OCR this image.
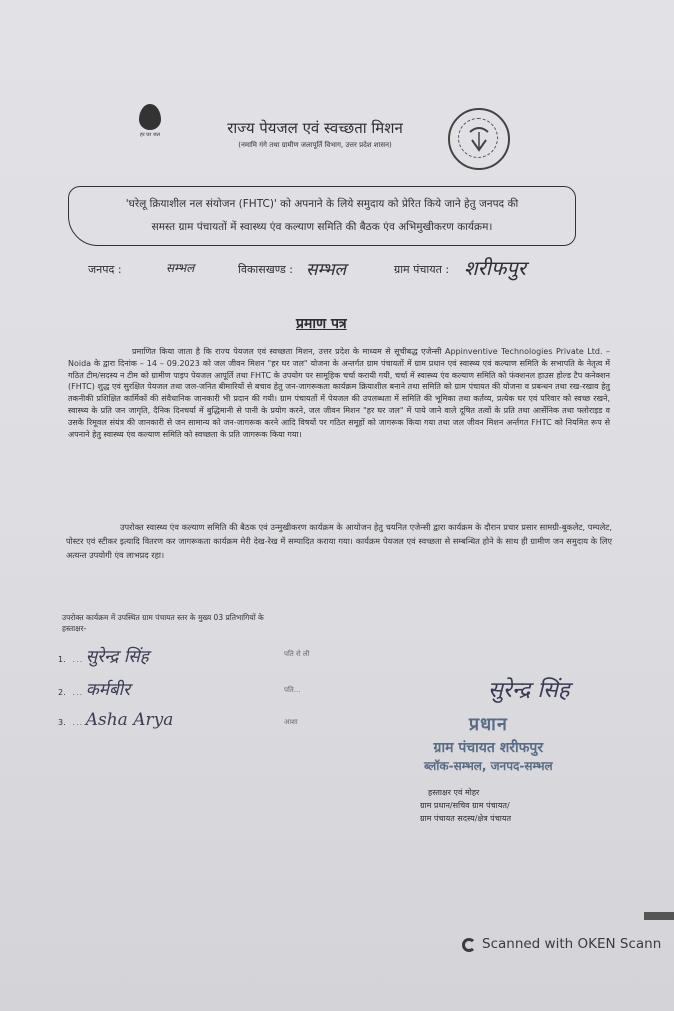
हर घर जल	राज्य पेयजल एवं स्वच्छता मिशन
(नमामि गंगे तथा ग्रामीण जलापूर्ति विभाग, उत्तर प्रदेश शासन)
'घरेलू क्रियाशील नल संयोजन (FHTC)' को अपनाने के लिये समुदाय को प्रेरित किये जाने हेतु जनपद की
समस्त ग्राम पंचायतों में स्वास्थ्य एंव कल्याण समिति की बैठक एंव अभिमुखीकरण कार्यक्रम।
जनपद :	सम्भल	विकासखण्ड : सम्भल	ग्राम पंचायत : शरीफपुर
प्रमाण पत्र
प्रमाणित किया जाता है कि राज्य पेयजल एवं स्वच्छता मिशन, उत्तर प्रदेश के माध्यम से सूचीबद्ध एजेन्सी Appinventive Technologies Private Ltd. – Noida के द्वारा दिनांक – 14 – 09.2023 को जल जीवन मिशन "हर घर जल" योजना के अन्तर्गत ग्राम पंचायतों में ग्राम प्रधान एवं स्वास्थ्य एवं कल्याण समिति के सभापति के नेतृत्व में गठित टीम/सदस्य न टीम को ग्रामीण पाइप पेयजल आपूर्ति तथा FHTC के उपयोग पर सामूहिक चर्चा करायी गयी, चर्चा में स्वास्थ्य एंव कल्याण समिति को फंक्शनल हाउस होल्ड टैप कनेक्शन (FHTC) शुद्ध एवं सुरक्षित पेयजल तथा जल-जनित बीमारियों से बचाव हेतु जन-जागरूकता कार्यक्रम क्रियाशील बनाने तथा समिति को ग्राम पंचायत की योजना व प्रबन्धन तथा रख-रखाव हेतु तकनीकी प्रशिक्षित कार्मिकों की संवैधानिक जानकारी भी प्रदान की गयी। ग्राम पंचायतों में पेयजल की उपलब्धता में समिति की भूमिका तथा कर्तव्य, प्रत्येक घर एवं परिवार को स्वच्छ रखने, स्वास्थ्य के प्रति जन जागृति, दैनिक दिनचर्या में बुद्धिमानी से पानी के प्रयोग करने, जल जीवन मिशन "हर घर जल" में पाये जाने वाले दूषित तत्वों के प्रति तथा आर्सेनिक तथा फ्लोराइड व उसके रिमूवल संयंत्र की जानकारी से जन सामान्य को जन-जागरूक करने आदि विषयों पर गठित समूहों को जागरूक किया गया तथा जल जीवन मिशन अर्न्तगत FHTC को नियमित रूप से अपनाने हेतु स्वास्थ्य एंव कल्याण समिति को स्वच्छता के प्रति जागरूक किया गया।
उपरोक्त स्वास्थ्य एंव कल्याण समिति की बैठक एवं उन्मुखीकरण कार्यक्रम के आयोजन हेतु चयनित एजेन्सी द्वारा कार्यक्रम के दौरान प्रचार प्रसार सामग्री-बुकलेट, पम्पलेट, पोस्टर एवं स्टीकर इत्यादि वितरण कर जागरूकता कार्यक्रम मेरी देख-रेख में सम्पादित कराया गया। कार्यक्रम पेयजल एवं स्वच्छता से सम्बन्धित होने के साथ ही ग्रामीण जन समुदाय के लिए अत्यन्त उपयोगी एंव लाभप्रद रहा।
उपरोक्त कार्यक्रम में उपस्थित ग्राम पंचायत स्तर के मुख्य 03 प्रतिभागियों के
हस्ताक्षर-
1. ... सुरेन्द्र सिंह	पति रो ली
2. ... कर्मबीर	पति...
3. ... Asha Arya	आशा
सुरेन्द्र सिंह
प्रधान
ग्राम पंचायत शरीफपुर
ब्लॉक-सम्भल, जनपद-सम्भल
हस्ताक्षर एवं मोहर
ग्राम प्रधान/सचिव ग्राम पंचायत/
ग्राम पंचायत सदस्य/क्षेत्र पंचायत
Scanned with OKEN Scann
